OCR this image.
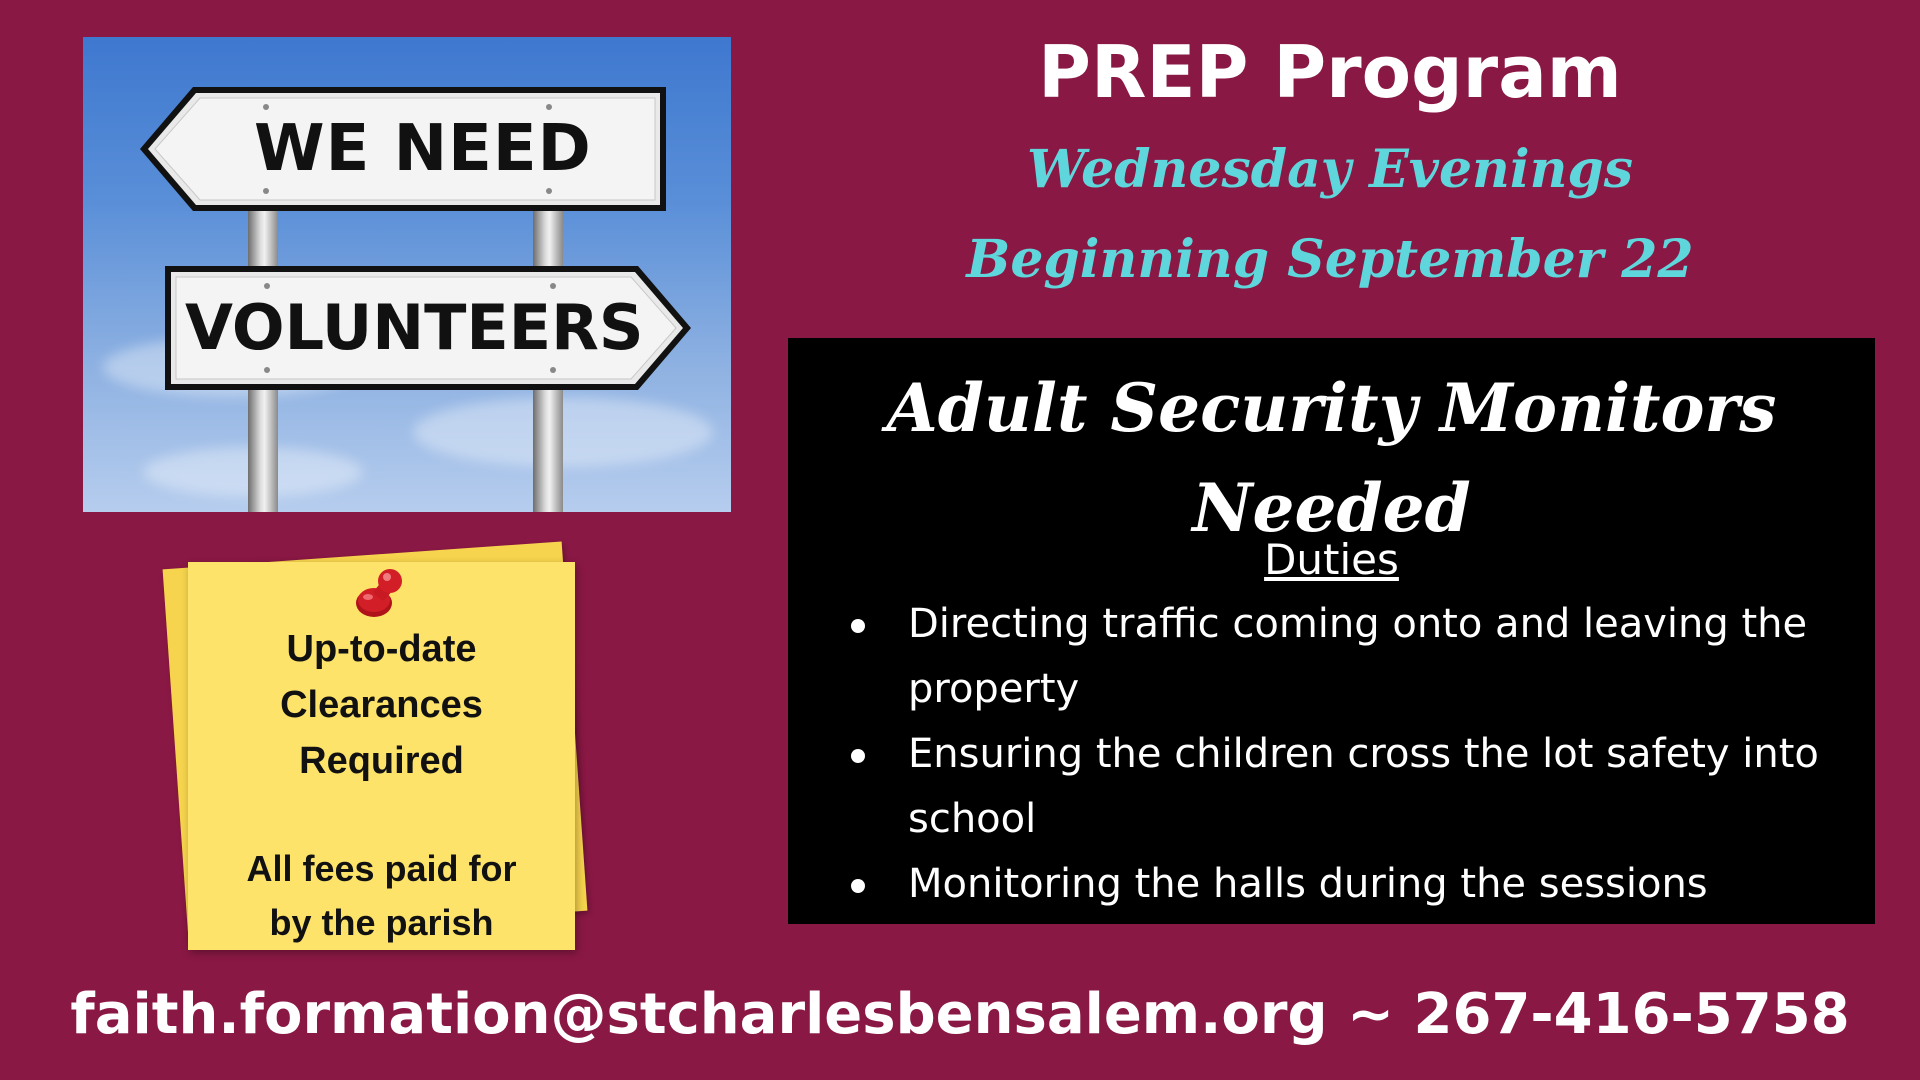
WE NEED
VOLUNTEERS
PREP Program
Wednesday Evenings
Beginning September 22
Adult Security Monitors Needed
Duties
Directing traffic coming onto and leaving the property
Ensuring the children cross the lot safety into school
Monitoring the halls during the sessions
Up-to-date
Clearances
Required
All fees paid for
by the parish
faith.formation@stcharlesbensalem.org ~ 267-416-5758
